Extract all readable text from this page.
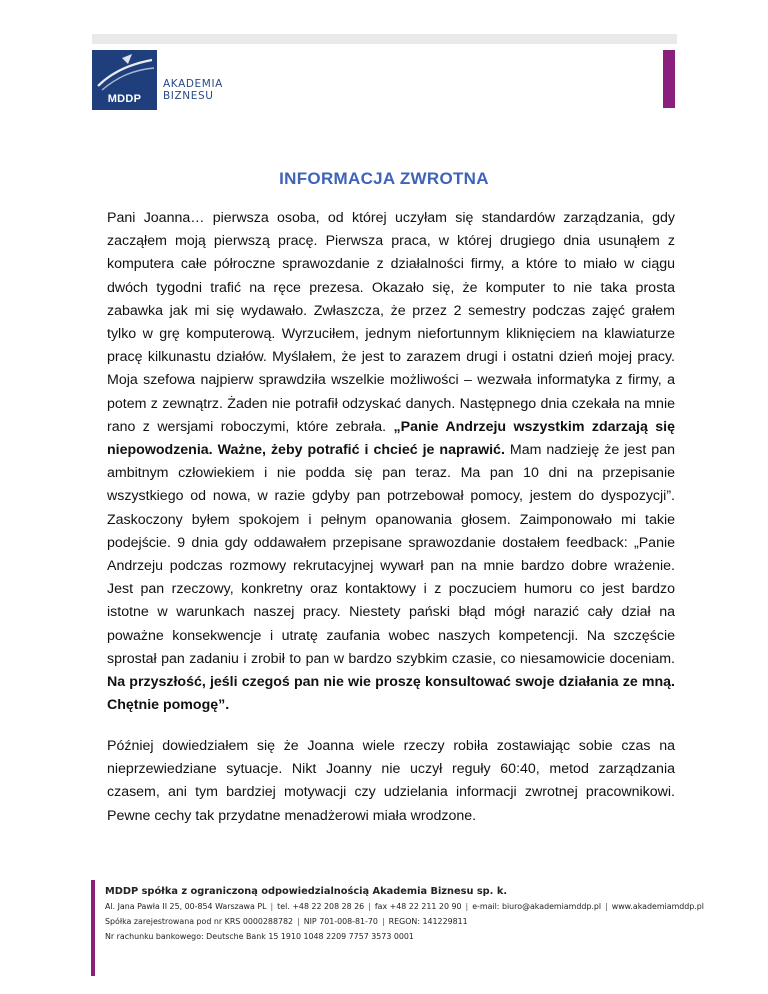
MDDP
AKADEMIA
BIZNESU
INFORMACJA ZWROTNA
Pani Joanna… pierwsza osoba, od której uczyłam się standardów zarządzania, gdy zacząłem moją pierwszą pracę. Pierwsza praca, w której drugiego dnia usunąłem z komputera całe półroczne sprawozdanie z działalności firmy, a które to miało w ciągu dwóch tygodni trafić na ręce prezesa. Okazało się, że komputer to nie taka prosta zabawka jak mi się wydawało. Zwłaszcza, że przez 2 semestry podczas zajęć grałem tylko w grę komputerową. Wyrzuciłem, jednym niefortunnym kliknięciem na klawiaturze pracę kilkunastu działów. Myślałem, że jest to zarazem drugi i ostatni dzień mojej pracy. Moja szefowa najpierw sprawdziła wszelkie możliwości – wezwała informatyka z firmy, a potem z zewnątrz. Żaden nie potrafił odzyskać danych. Następnego dnia czekała na mnie rano z wersjami roboczymi, które zebrała. „Panie Andrzeju wszystkim zdarzają się niepowodzenia. Ważne, żeby potrafić i chcieć je naprawić. Mam nadzieję że jest pan ambitnym człowiekiem i nie podda się pan teraz. Ma pan 10 dni na przepisanie wszystkiego od nowa, w razie gdyby pan potrzebował pomocy, jestem do dyspozycji”. Zaskoczony byłem spokojem i pełnym opanowania głosem. Zaimponowało mi takie podejście. 9 dnia gdy oddawałem przepisane sprawozdanie dostałem feedback: „Panie Andrzeju podczas rozmowy rekrutacyjnej wywarł pan na mnie bardzo dobre wrażenie. Jest pan rzeczowy, konkretny oraz kontaktowy i z poczuciem humoru co jest bardzo istotne w warunkach naszej pracy. Niestety pański błąd mógł narazić cały dział na poważne konsekwencje i utratę zaufania wobec naszych kompetencji. Na szczęście sprostał pan zadaniu i zrobił to pan w bardzo szybkim czasie, co niesamowicie doceniam. Na przyszłość, jeśli czegoś pan nie wie proszę konsultować swoje działania ze mną. Chętnie pomogę”.
Później dowiedziałem się że Joanna wiele rzeczy robiła zostawiając sobie czas na nieprzewiedziane sytuacje. Nikt Joanny nie uczył reguły 60:40, metod zarządzania czasem, ani tym bardziej motywacji czy udzielania informacji zwrotnej pracownikowi. Pewne cechy tak przydatne menadżerowi miała wrodzone.
MDDP spółka z ograniczoną odpowiedzialnością Akademia Biznesu sp. k.
Al. Jana Pawła II 25, 00-854 Warszawa PL | tel. +48 22 208 28 26 | fax +48 22 211 20 90 | e-mail: biuro@akademiamddp.pl | www.akademiamddp.pl
Spółka zarejestrowana pod nr KRS 0000288782 | NIP 701-008-81-70 | REGON: 141229811
Nr rachunku bankowego: Deutsche Bank 15 1910 1048 2209 7757 3573 0001
